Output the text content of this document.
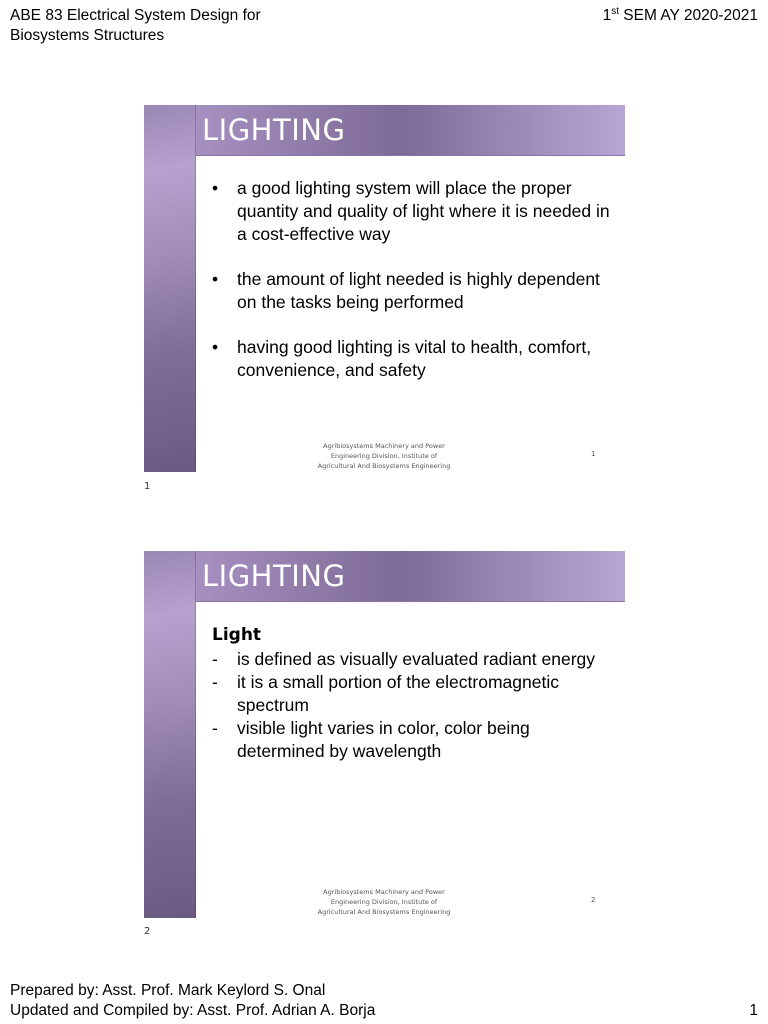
ABE 83 Electrical System Design for Biosystems Structures
1st SEM AY 2020-2021
LIGHTING
•	a good lighting system will place the proper quantity and quality of light where it is needed in a cost-effective way
•	the amount of light needed is highly dependent on the tasks being performed
•	having good lighting is vital to health, comfort, convenience, and safety
Agribiosystems Machinery and Power Engineering Division, Institute of Agricultural And Biosystems Engineering
1
1
LIGHTING
Light
-	is defined as visually evaluated radiant energy
-	it is a small portion of the electromagnetic spectrum
-	visible light varies in color, color being determined by wavelength
Agribiosystems Machinery and Power Engineering Division, Institute of Agricultural And Biosystems Engineering
2
2
Prepared by: Asst. Prof. Mark Keylord S. Onal
Updated and Compiled by: Asst. Prof. Adrian A. Borja	1
